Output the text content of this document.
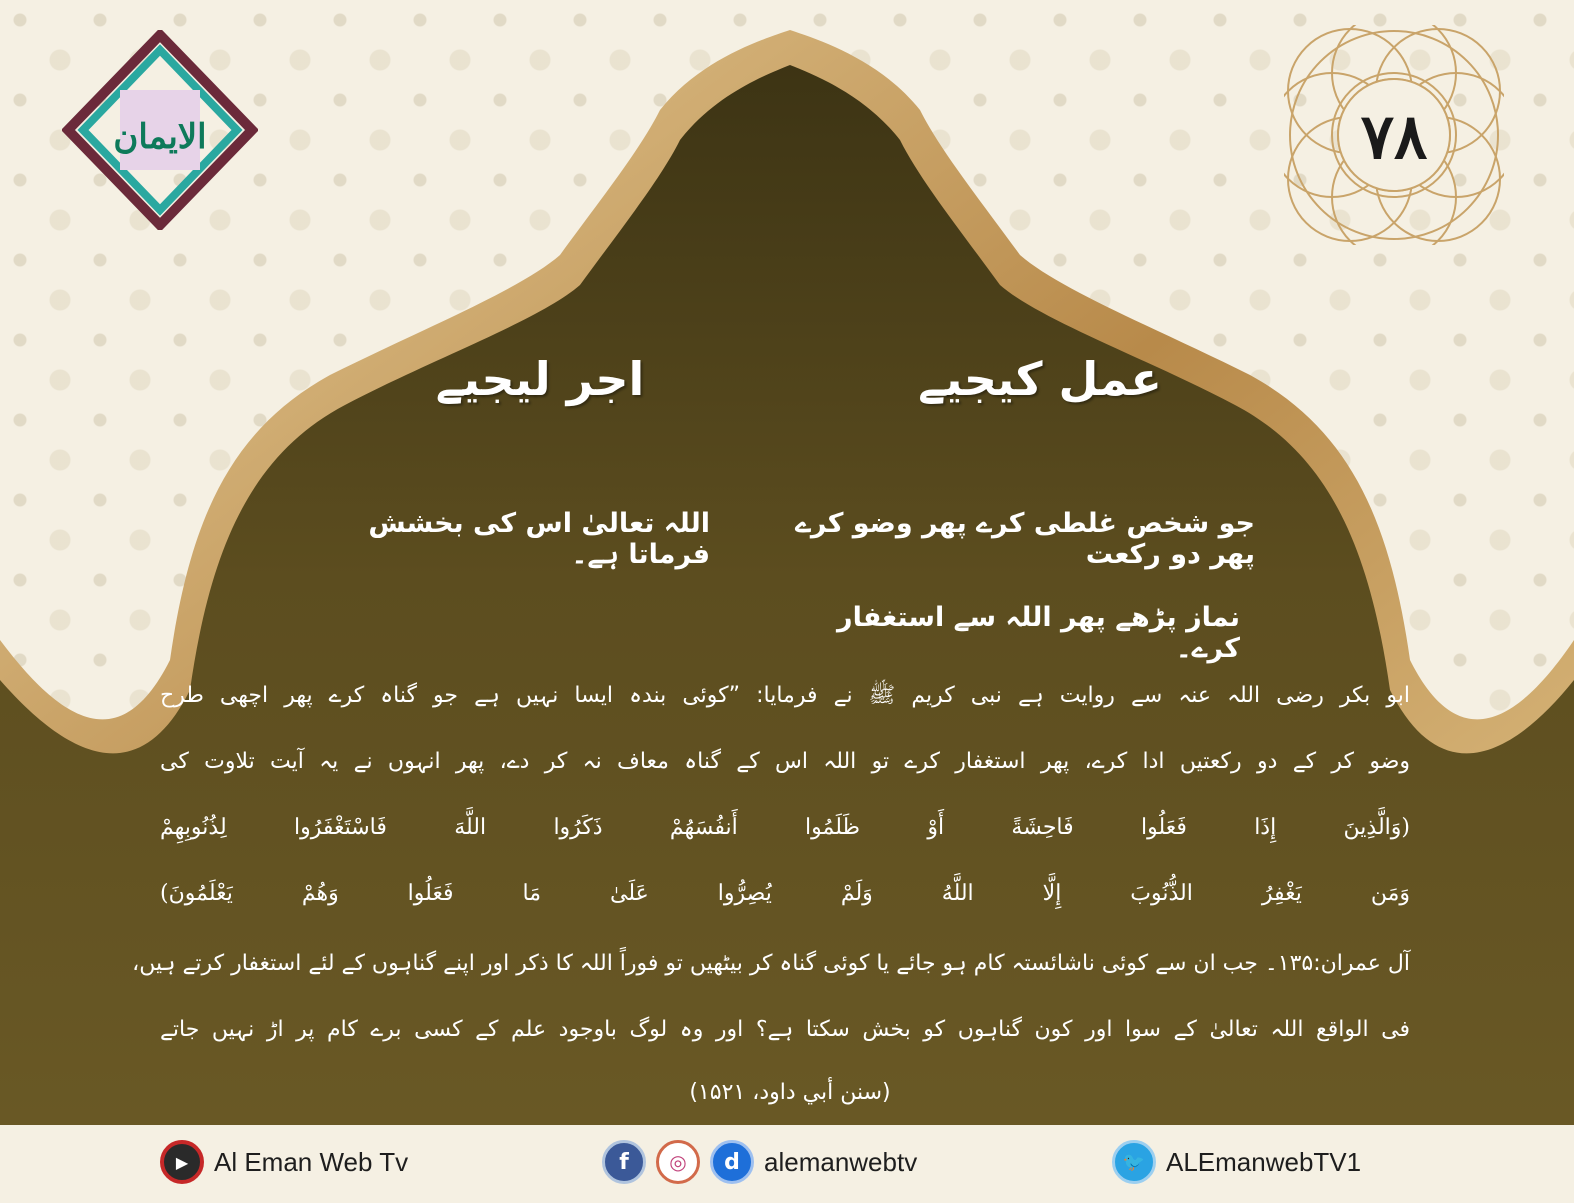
الایمان	۷۸
عمل کیجیے
اجر لیجیے
جو شخص غلطی کرے پھر وضو کرے پھر دو رکعت
اللہ تعالیٰ اس کی بخشش فرماتا ہے۔
نماز پڑھے پھر اللہ سے استغفار کرے۔
ابو بکر رضی اللہ عنہ سے روایت ہے نبی کریم ﷺ نے فرمایا: ”کوئی بندہ ایسا نہیں ہے جو گناہ کرے پھر اچھی طرح
وضو کر کے دو رکعتیں ادا کرے، پھر استغفار کرے تو اللہ اس کے گناہ معاف نہ کر دے، پھر انہوں نے یہ آیت تلاوت کی
(وَالَّذِينَ إِذَا فَعَلُوا فَاحِشَةً أَوْ ظَلَمُوا أَنفُسَهُمْ ذَكَرُوا اللَّهَ فَاسْتَغْفَرُوا لِذُنُوبِهِمْ
وَمَن يَغْفِرُ الذُّنُوبَ إِلَّا اللَّهُ وَلَمْ يُصِرُّوا عَلَىٰ مَا فَعَلُوا وَهُمْ يَعْلَمُونَ)
آل عمران:۱۳۵۔ جب ان سے کوئی ناشائستہ کام ہو جائے یا کوئی گناہ کر بیٹھیں تو فوراً اللہ کا ذکر اور اپنے گناہوں کے لئے استغفار کرتے ہیں،
فی الواقع اللہ تعالیٰ کے سوا اور کون گناہوں کو بخش سکتا ہے؟ اور وہ لوگ باوجود علم کے کسی برے کام پر اڑ نہیں جاتے
(سنن أبي داود، ۱۵۲۱)
▶ Al Eman Web Tv	f	◎	d alemanwebtv	🐦 ALEmanwebTV1
